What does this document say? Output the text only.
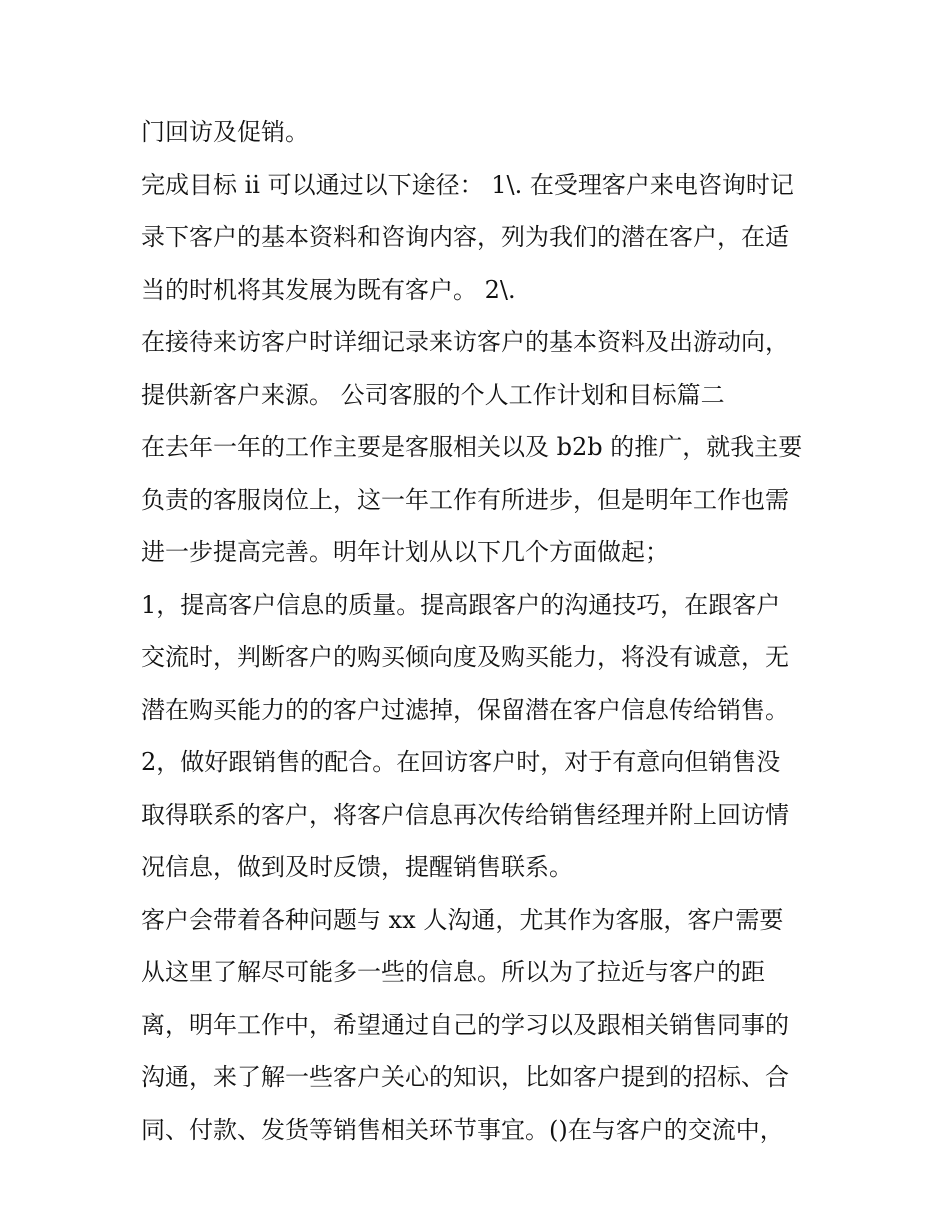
门回访及促销。
完成目标 ii 可以通过以下途径： 1\. 在受理客户来电咨询时记
录下客户的基本资料和咨询内容，列为我们的潜在客户，在适
当的时机将其发展为既有客户。 2\.
在接待来访客户时详细记录来访客户的基本资料及出游动向，
提供新客户来源。 公司客服的个人工作计划和目标篇二
在去年一年的工作主要是客服相关以及 b2b 的推广，就我主要
负责的客服岗位上，这一年工作有所进步，但是明年工作也需
进一步提高完善。明年计划从以下几个方面做起；
1，提高客户信息的质量。提高跟客户的沟通技巧，在跟客户
交流时，判断客户的购买倾向度及购买能力，将没有诚意，无
潜在购买能力的的客户过滤掉，保留潜在客户信息传给销售。
2，做好跟销售的配合。在回访客户时，对于有意向但销售没
取得联系的客户，将客户信息再次传给销售经理并附上回访情
况信息，做到及时反馈，提醒销售联系。
客户会带着各种问题与 xx 人沟通，尤其作为客服，客户需要
从这里了解尽可能多一些的信息。所以为了拉近与客户的距
离，明年工作中，希望通过自己的学习以及跟相关销售同事的
沟通，来了解一些客户关心的知识，比如客户提到的招标、合
同、付款、发货等销售相关环节事宜。()在与客户的交流中，
